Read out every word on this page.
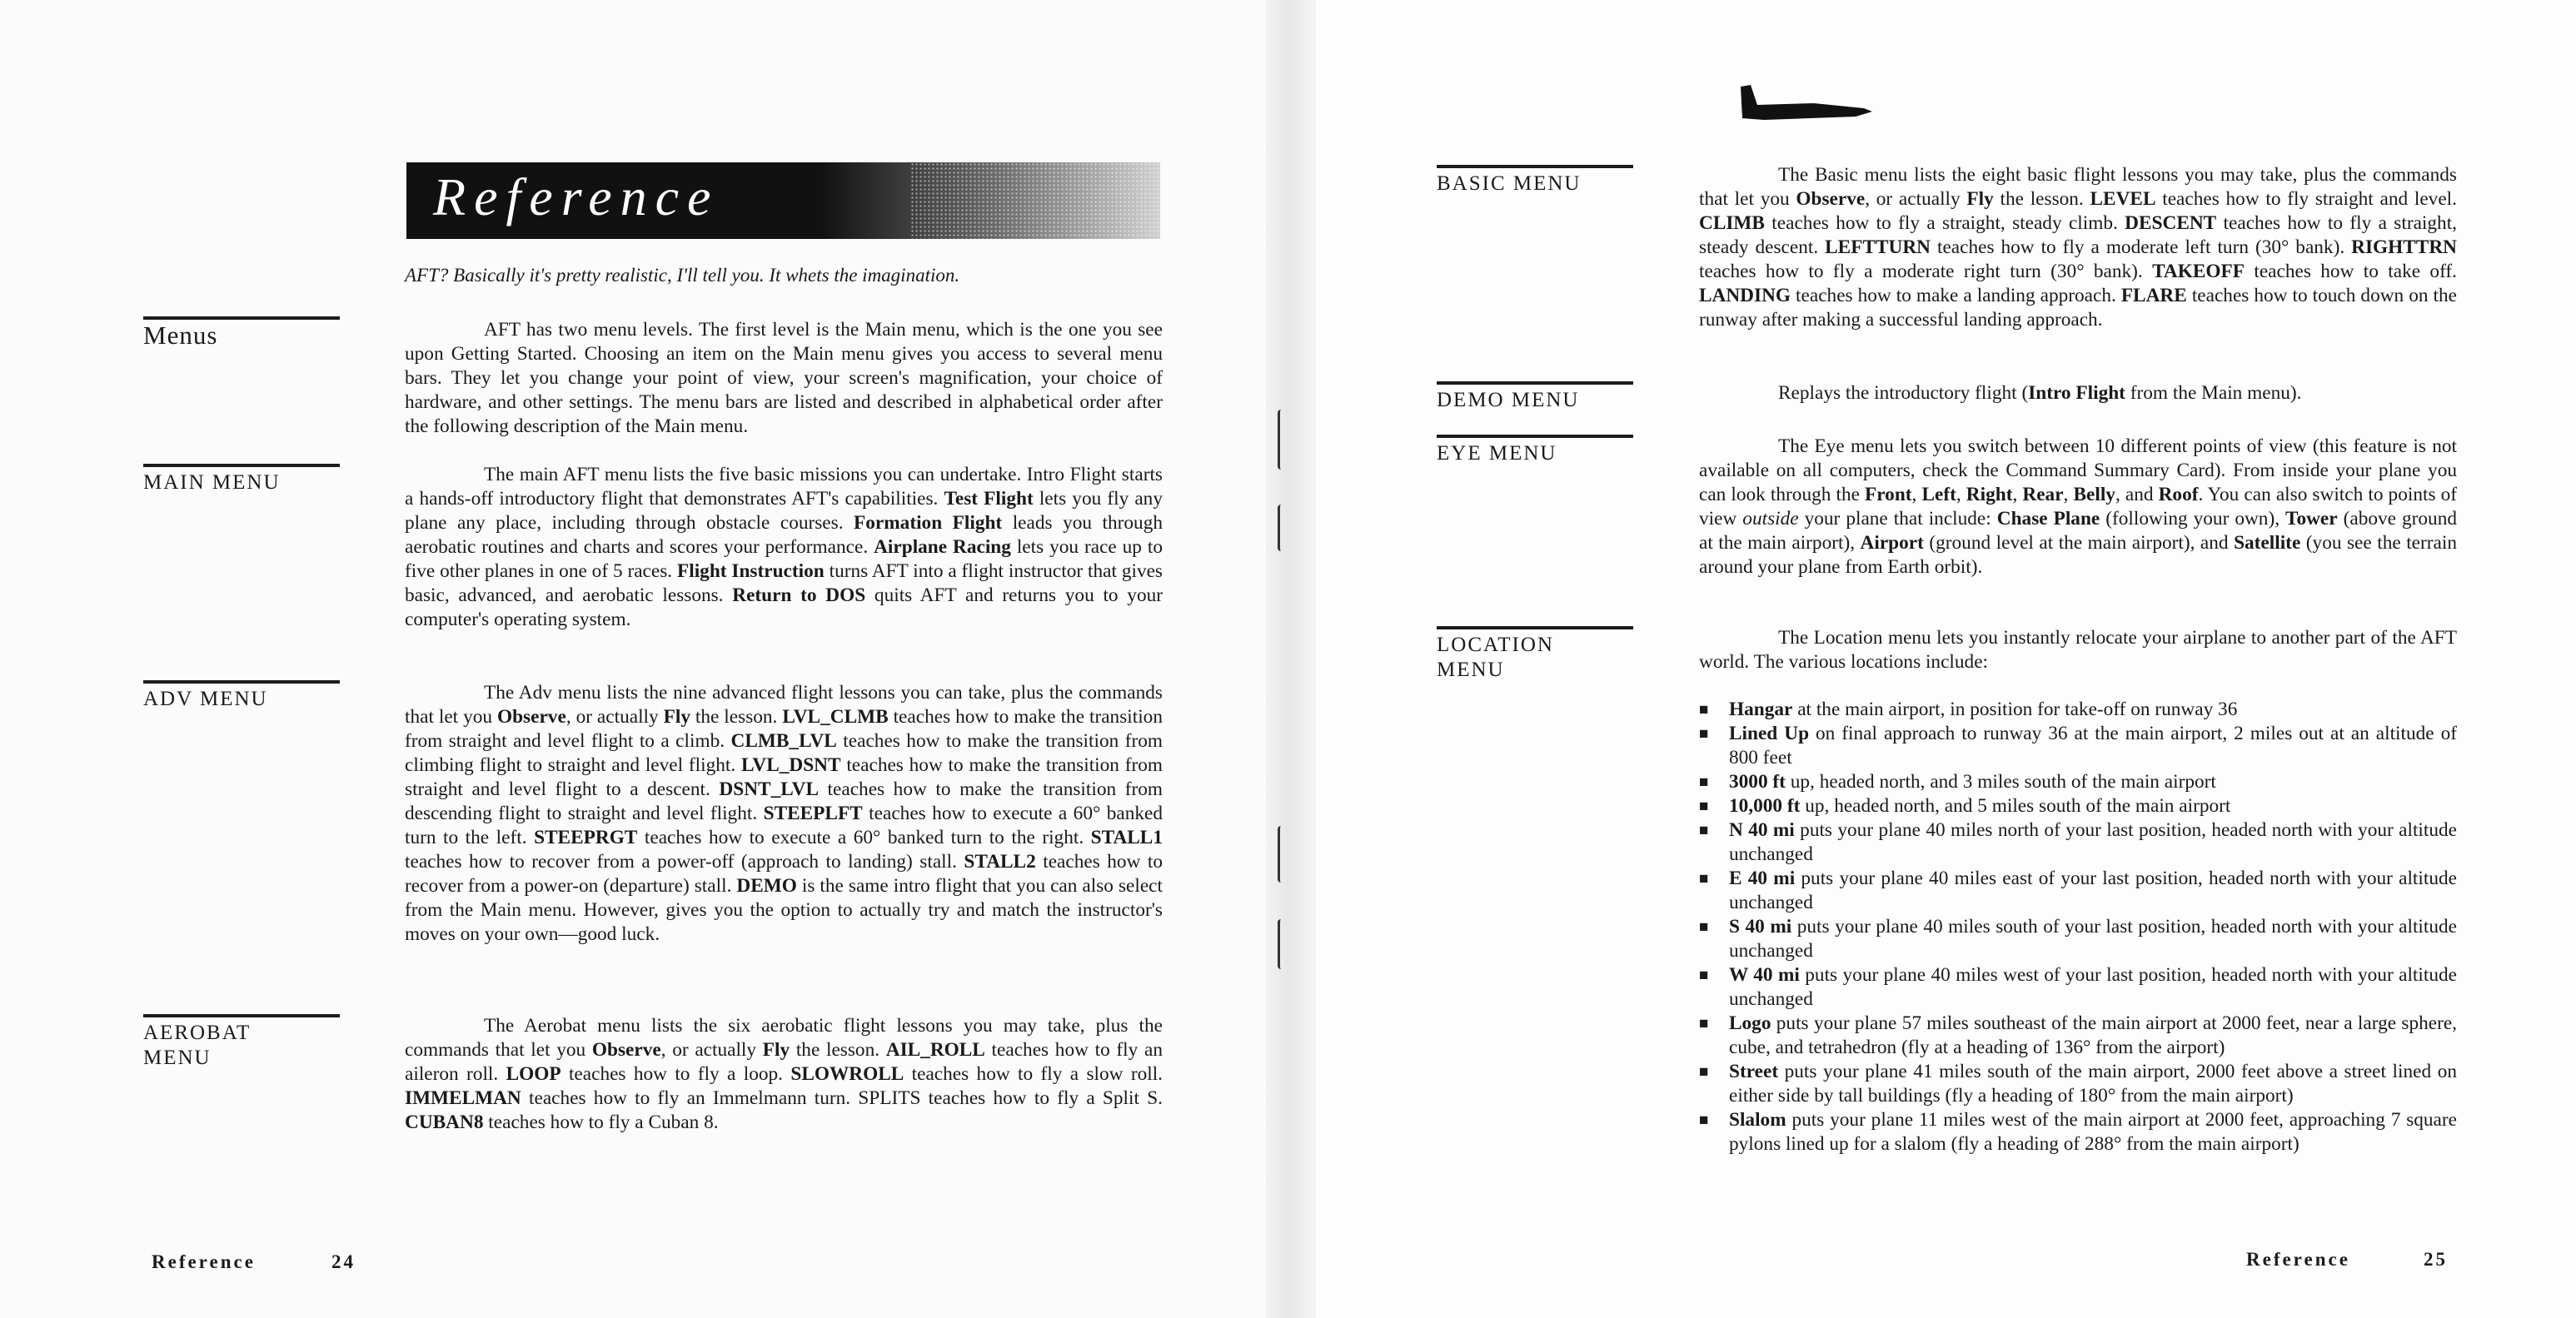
Reference
AFT? Basically it's pretty realistic, I'll tell you. It whets the imagination.
Menus
MAIN MENU
ADV MENU
AEROBAT
MENU

AFT has two menu levels. The first level is the Main menu, which is the one you see upon Getting Started. Choosing an item on the Main menu gives you access to several menu bars. They let you change your point of view, your screen's magnification, your choice of hardware, and other settings. The menu bars are listed and described in alphabetical order after the following description of the Main menu.

The main AFT menu lists the five basic missions you can undertake. Intro Flight starts a hands-off introductory flight that demonstrates AFT's capabilities. Test Flight lets you fly any plane any place, including through obstacle courses. Formation Flight leads you through aerobatic routines and charts and scores your performance. Airplane Racing lets you race up to five other planes in one of 5 races. Flight Instruction turns AFT into a flight instructor that gives basic, advanced, and aerobatic lessons. Return to DOS quits AFT and returns you to your computer's operating system.

The Adv menu lists the nine advanced flight lessons you can take, plus the commands that let you Observe, or actually Fly the lesson. LVL_CLMB teaches how to make the transition from straight and level flight to a climb. CLMB_LVL teaches how to make the transition from climbing flight to straight and level flight. LVL_DSNT teaches how to make the transition from straight and level flight to a descent. DSNT_LVL teaches how to make the transition from descending flight to straight and level flight. STEEPLFT teaches how to execute a 60° banked turn to the left. STEEPRGT teaches how to execute a 60° banked turn to the right. STALL1 teaches how to recover from a power-off (approach to landing) stall. STALL2 teaches how to recover from a power-on (departure) stall. DEMO is the same intro flight that you can also select from the Main menu. However, gives you the option to actually try and match the instructor's moves on your own—good luck.

The Aerobat menu lists the six aerobatic flight lessons you may take, plus the commands that let you Observe, or actually Fly the lesson. AIL_ROLL teaches how to fly an aileron roll. LOOP teaches how to fly a loop. SLOWROLL teaches how to fly a slow roll. IMMELMAN teaches how to fly an Immelmann turn. SPLITS teaches how to fly a Split S. CUBAN8 teaches how to fly a Cuban 8.

Reference	24
BASIC MENU
DEMO MENU
EYE MENU
LOCATION
MENU

The Basic menu lists the eight basic flight lessons you may take, plus the commands that let you Observe, or actually Fly the lesson. LEVEL teaches how to fly straight and level. CLIMB teaches how to fly a straight, steady climb. DESCENT teaches how to fly a straight, steady descent. LEFTTURN teaches how to fly a moderate left turn (30° bank). RIGHTTRN teaches how to fly a moderate right turn (30° bank). TAKEOFF teaches how to take off. LANDING teaches how to make a landing approach. FLARE teaches how to touch down on the runway after making a successful landing approach.

Replays the introductory flight (Intro Flight from the Main menu).

The Eye menu lets you switch between 10 different points of view (this feature is not available on all computers, check the Command Summary Card). From inside your plane you can look through the Front, Left, Right, Rear, Belly, and Roof. You can also switch to points of view outside your plane that include: Chase Plane (following your own), Tower (above ground at the main airport), Airport (ground level at the main airport), and Satellite (you see the terrain around your plane from Earth orbit).

The Location menu lets you instantly relocate your airplane to another part of the AFT world. The various locations include:

■ Hangar at the main airport, in position for take-off on runway 36
■ Lined Up on final approach to runway 36 at the main airport, 2 miles out at an altitude of 800 feet
■ 3000 ft up, headed north, and 3 miles south of the main airport
■ 10,000 ft up, headed north, and 5 miles south of the main airport
■ N 40 mi puts your plane 40 miles north of your last position, headed north with your altitude unchanged
■ E 40 mi puts your plane 40 miles east of your last position, headed north with your altitude unchanged
■ S 40 mi puts your plane 40 miles south of your last position, headed north with your altitude unchanged
■ W 40 mi puts your plane 40 miles west of your last position, headed north with your altitude unchanged
■ Logo puts your plane 57 miles southeast of the main airport at 2000 feet, near a large sphere, cube, and tetrahedron (fly at a heading of 136° from the airport)
■ Street puts your plane 41 miles south of the main airport, 2000 feet above a street lined on either side by tall buildings (fly a heading of 180° from the main airport)
■ Slalom puts your plane 11 miles west of the main airport at 2000 feet, approaching 7 square pylons lined up for a slalom (fly a heading of 288° from the main airport)
Reference	25
